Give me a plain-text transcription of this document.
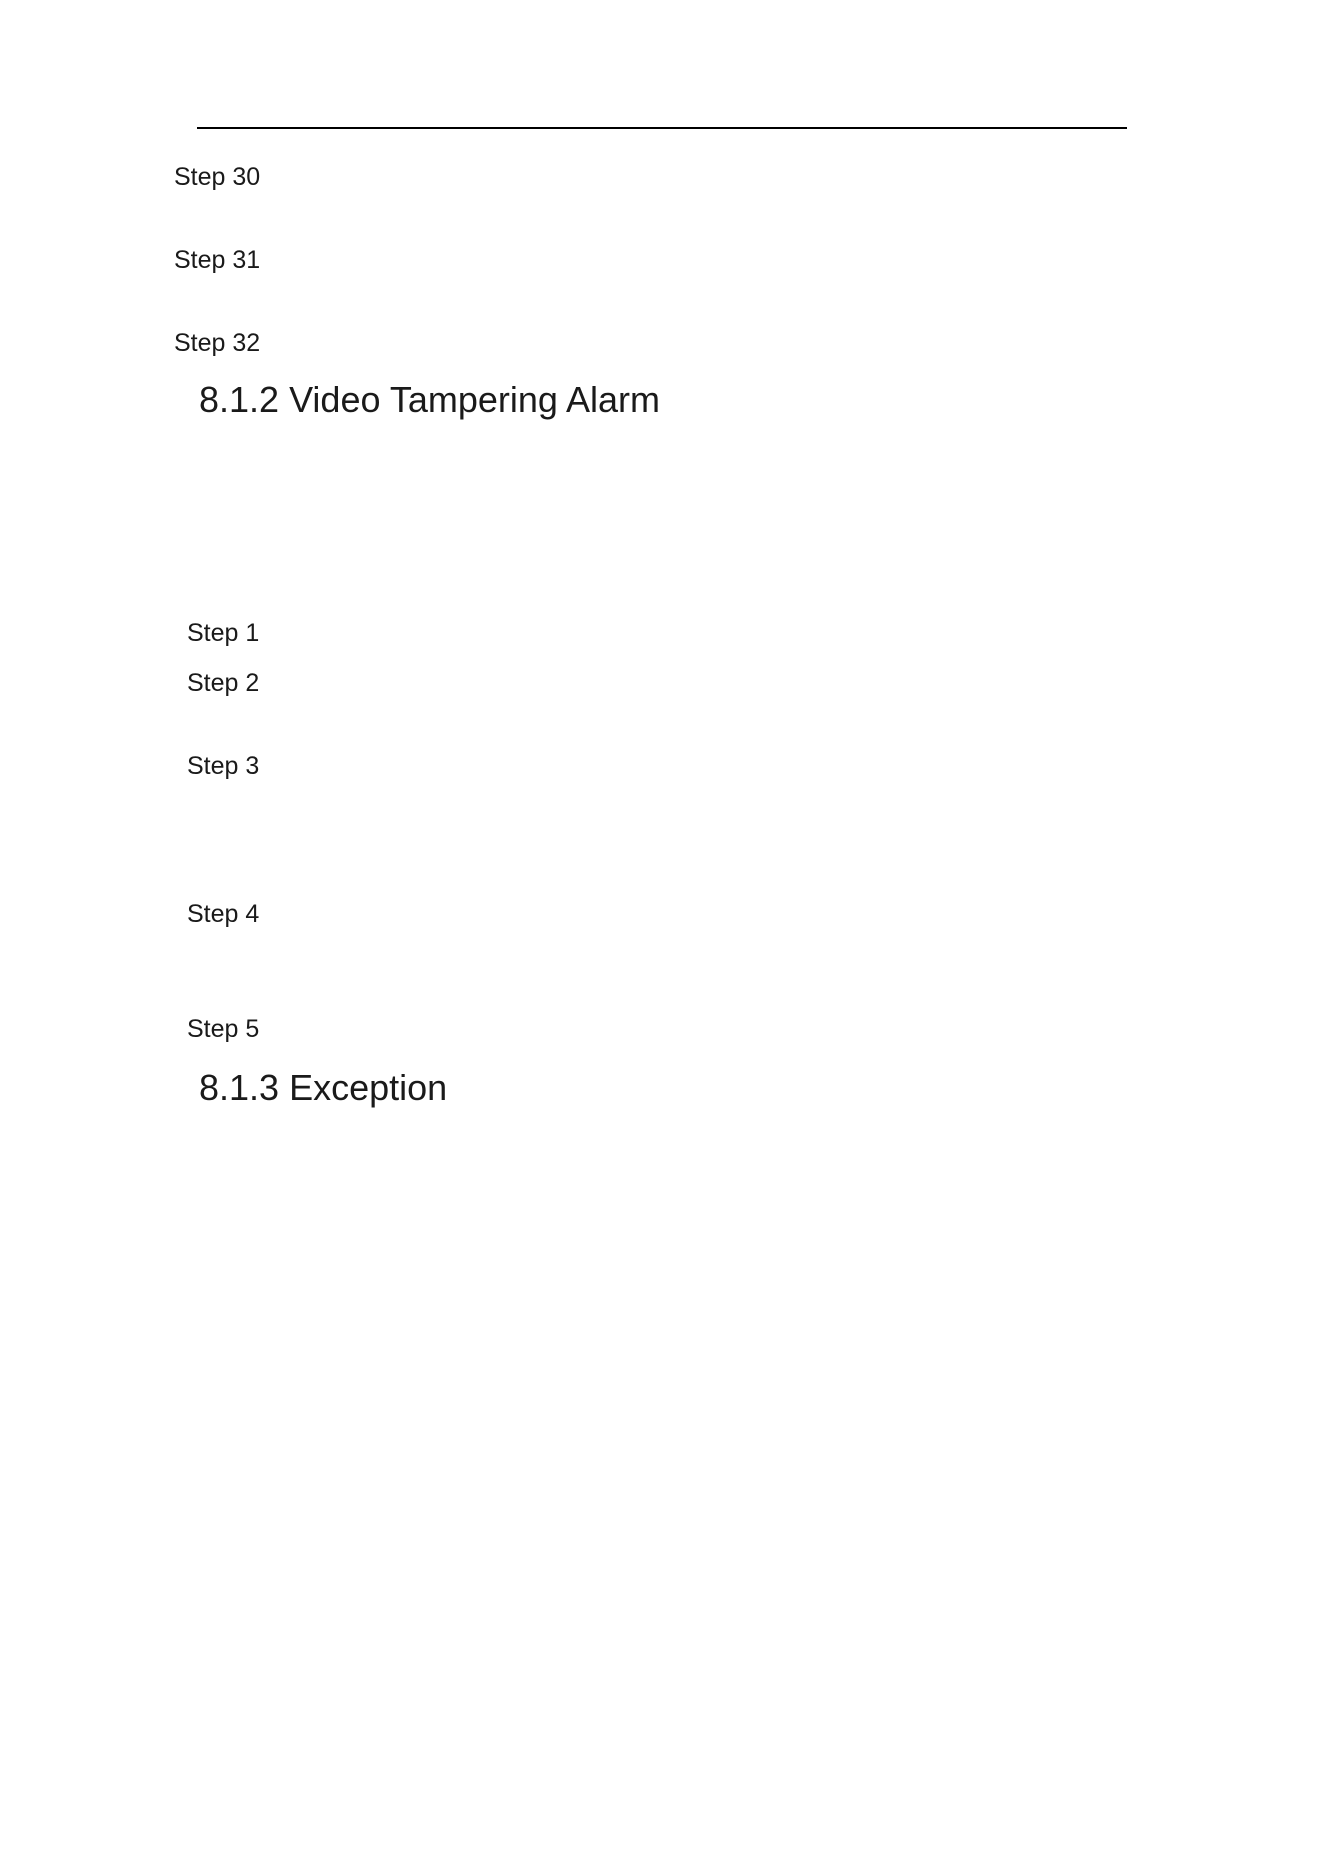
Step 30
Step 31
Step 32
8.1.2 Video Tampering Alarm
Step 1
Step 2
Step 3
Step 4
Step 5
8.1.3 Exception
